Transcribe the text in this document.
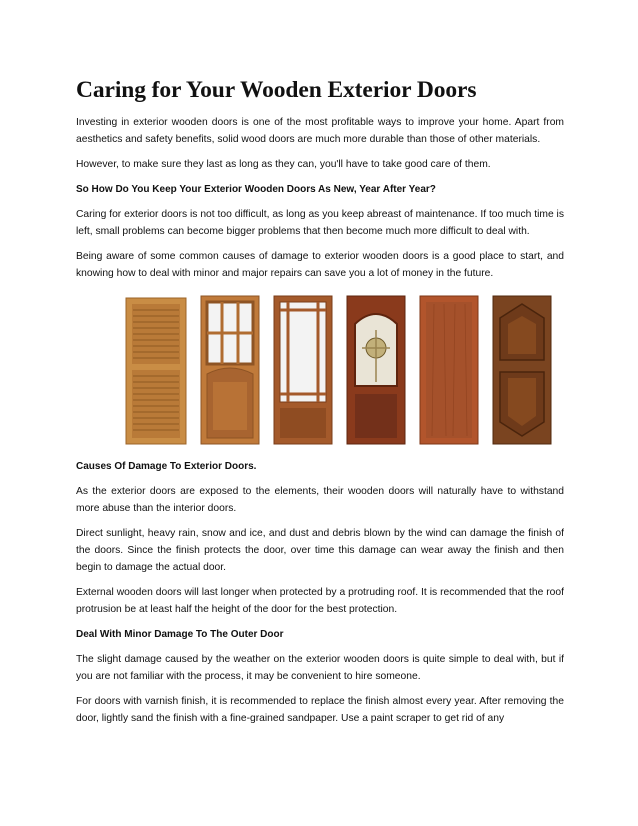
Caring for Your Wooden Exterior Doors

Investing in exterior wooden doors is one of the most profitable ways to improve your home. Apart from aesthetics and safety benefits, solid wood doors are much more durable than those of other materials.

However, to make sure they last as long as they can, you'll have to take good care of them.

So How Do You Keep Your Exterior Wooden Doors As New, Year After Year?

Caring for exterior doors is not too difficult, as long as you keep abreast of maintenance. If too much time is left, small problems can become bigger problems that then become much more difficult to deal with.

Being aware of some common causes of damage to exterior wooden doors is a good place to start, and knowing how to deal with minor and major repairs can save you a lot of money in the future.

Causes Of Damage To Exterior Doors.

As the exterior doors are exposed to the elements, their wooden doors will naturally have to withstand more abuse than the interior doors.

Direct sunlight, heavy rain, snow and ice, and dust and debris blown by the wind can damage the finish of the doors. Since the finish protects the door, over time this damage can wear away the finish and then begin to damage the actual door.

External wooden doors will last longer when protected by a protruding roof. It is recommended that the roof protrusion be at least half the height of the door for the best protection.

Deal With Minor Damage To The Outer Door

The slight damage caused by the weather on the exterior wooden doors is quite simple to deal with, but if you are not familiar with the process, it may be convenient to hire someone.

For doors with varnish finish, it is recommended to replace the finish almost every year. After removing the door, lightly sand the finish with a fine-grained sandpaper. Use a paint scraper to get rid of any
